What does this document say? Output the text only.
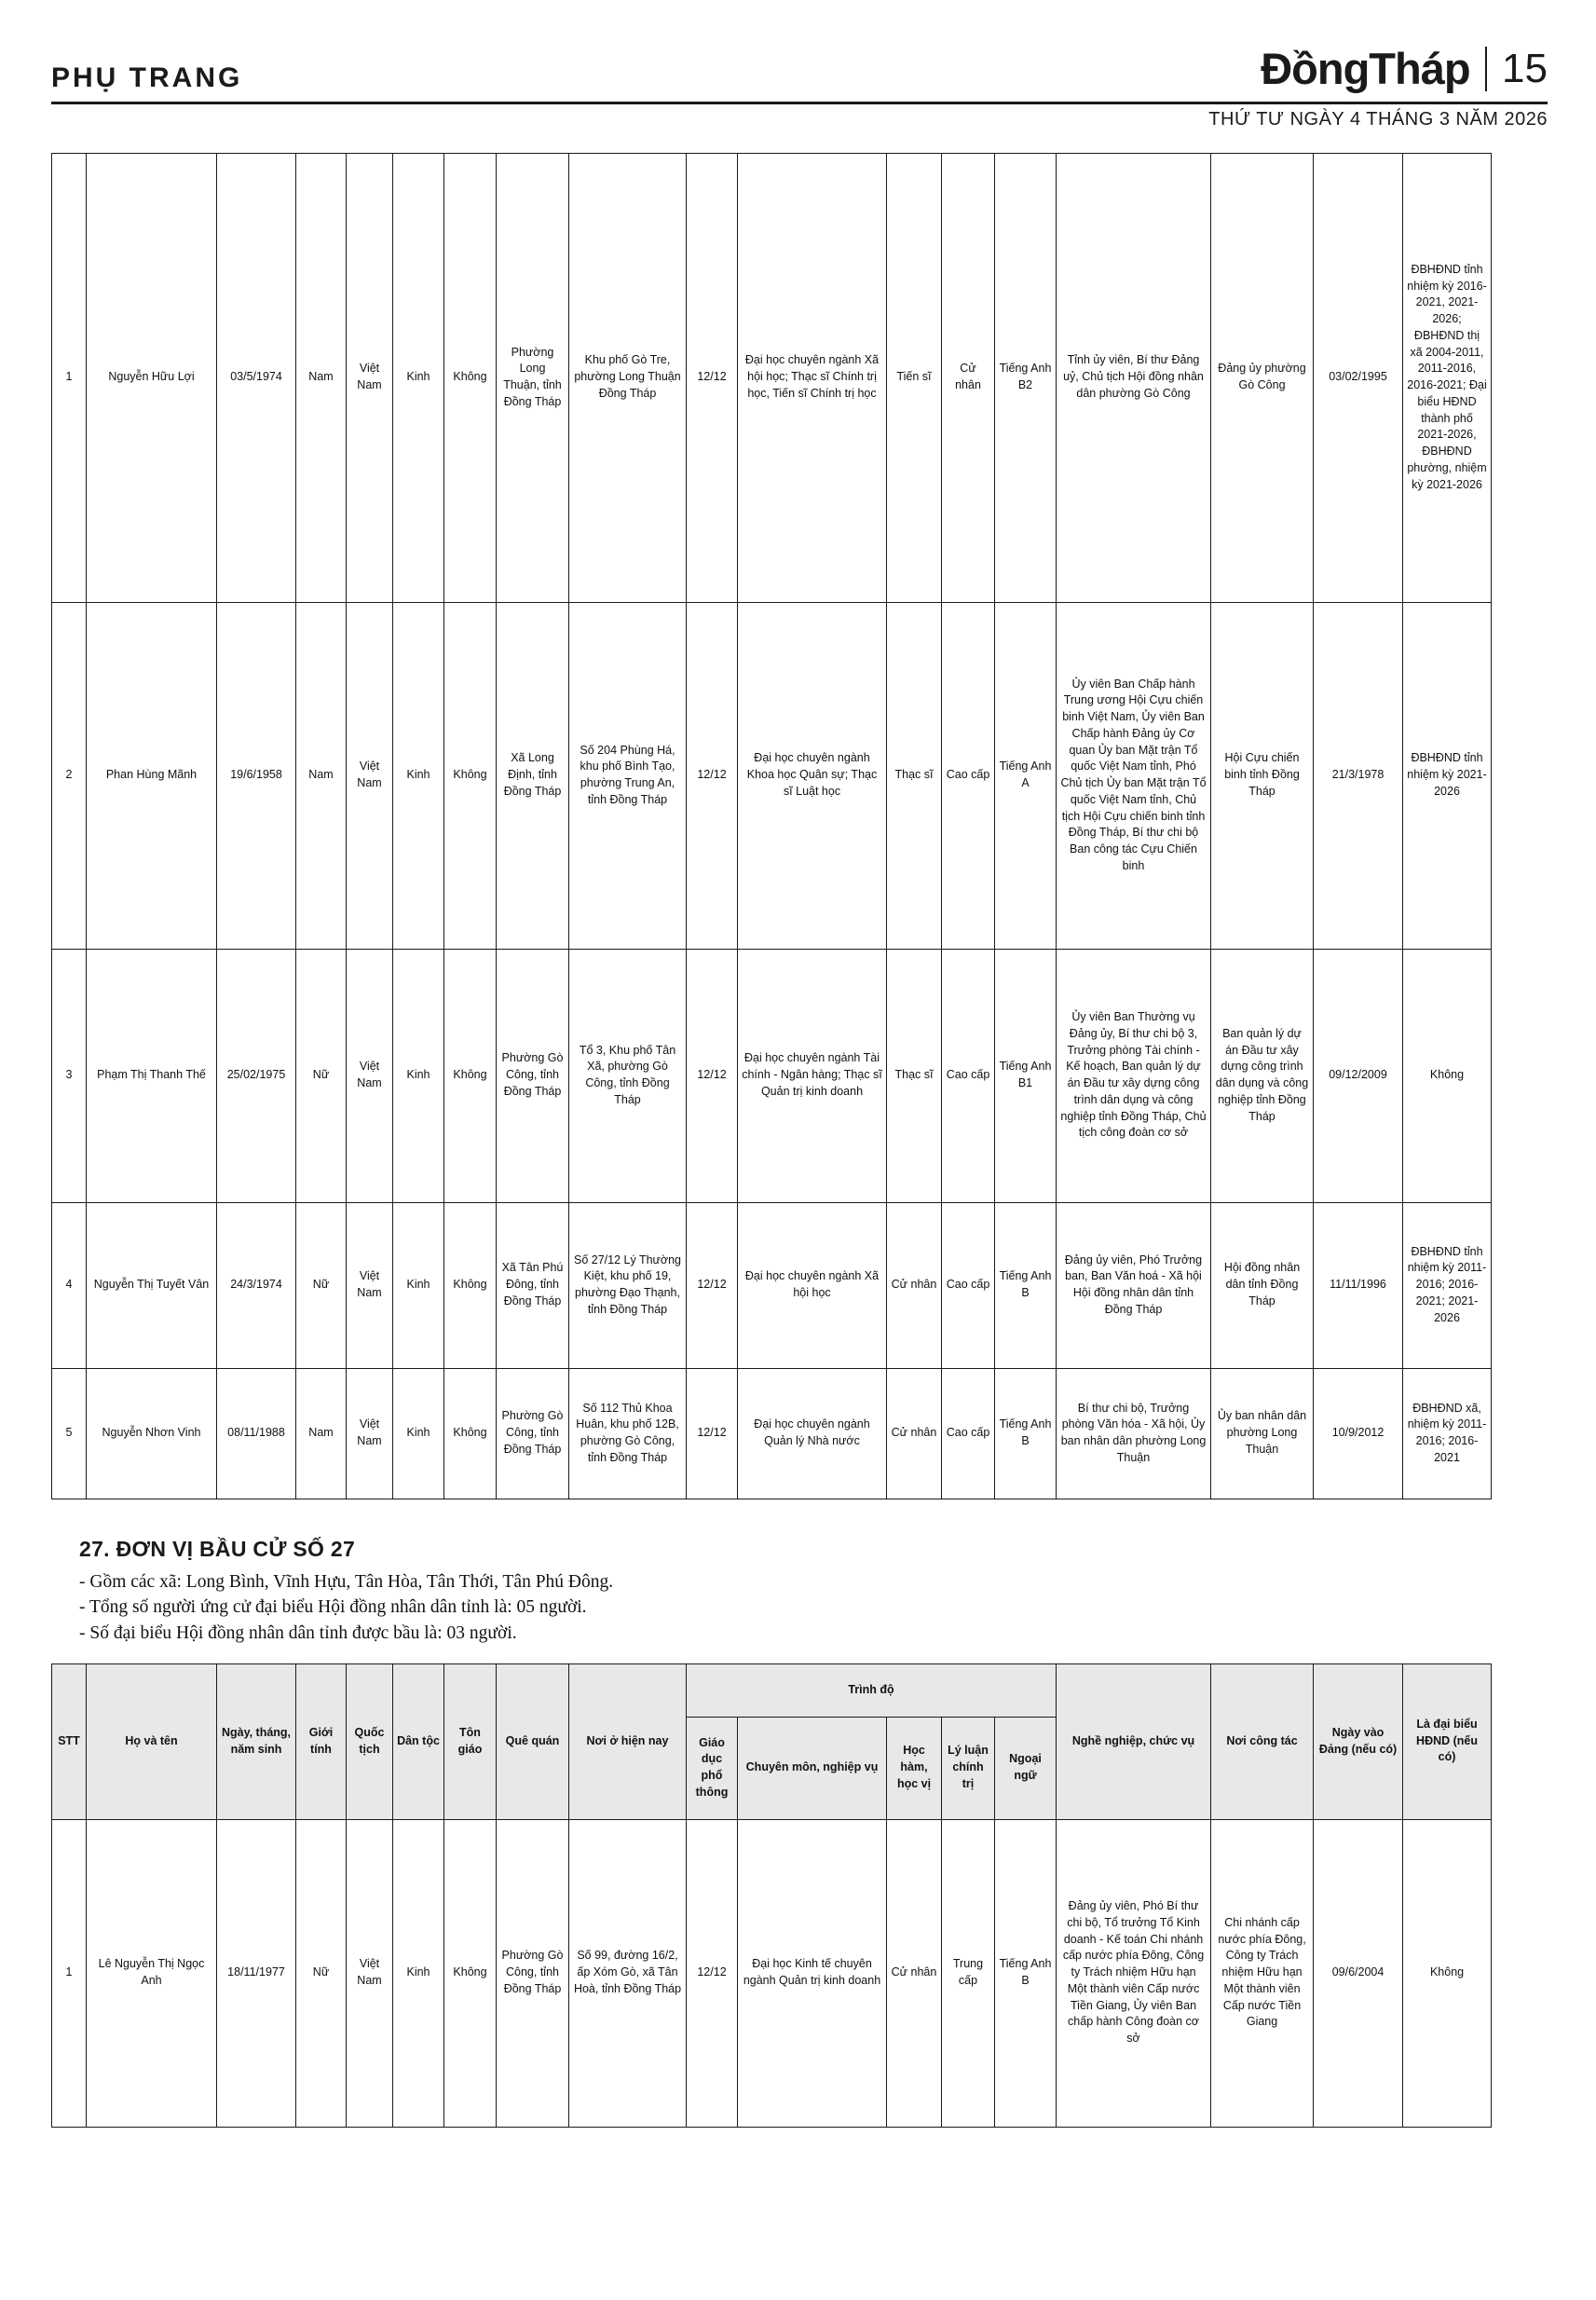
PHỤ TRANG	ĐồngTháp 15
THỨ TƯ NGÀY 4 THÁNG 3 NĂM 2026
1	Nguyễn Hữu Lợi	03/5/1974	Nam	Việt Nam	Kinh	Không	Phường Long Thuận, tỉnh Đồng Tháp	Khu phố Gò Tre, phường Long Thuận Đồng Tháp	12/12	Đại học chuyên ngành Xã hội học; Thạc sĩ Chính trị học, Tiến sĩ Chính trị học	Tiến sĩ	Cử nhân	Tiếng Anh B2	Tỉnh ủy viên, Bí thư Đảng uỷ, Chủ tịch Hội đồng nhân dân phường Gò Công	Đảng ủy phường Gò Công	03/02/1995	ĐBHĐND tỉnh nhiệm kỳ 2016-2021, 2021-2026; ĐBHĐND thị xã 2004-2011, 2011-2016, 2016-2021; Đại biểu HĐND thành phố 2021-2026, ĐBHĐND phường, nhiệm kỳ 2021-2026
2	Phan Hùng Mãnh	19/6/1958	Nam	Việt Nam	Kinh	Không	Xã Long Định, tỉnh Đồng Tháp	Số 204 Phùng Há, khu phố Bình Tạo, phường Trung An, tỉnh Đồng Tháp	12/12	Đại học chuyên ngành Khoa học Quân sự; Thạc sĩ Luật học	Thạc sĩ	Cao cấp	Tiếng Anh A	Ủy viên Ban Chấp hành Trung ương Hội Cựu chiến binh Việt Nam, Ủy viên Ban Chấp hành Đảng ủy Cơ quan Ủy ban Mặt trận Tổ quốc Việt Nam tỉnh, Phó Chủ tịch Ủy ban Mặt trận Tổ quốc Việt Nam tỉnh, Chủ tịch Hội Cựu chiến binh tỉnh Đồng Tháp, Bí thư chi bộ Ban công tác Cựu Chiến binh	Hội Cựu chiến binh tỉnh Đồng Tháp	21/3/1978	ĐBHĐND tỉnh nhiệm kỳ 2021-2026
3	Phạm Thị Thanh Thế	25/02/1975	Nữ	Việt Nam	Kinh	Không	Phường Gò Công, tỉnh Đồng Tháp	Tổ 3, Khu phố Tân Xã, phường Gò Công, tỉnh Đồng Tháp	12/12	Đại học chuyên ngành Tài chính - Ngân hàng; Thạc sĩ Quản trị kinh doanh	Thạc sĩ	Cao cấp	Tiếng Anh B1	Ủy viên Ban Thường vụ Đảng ủy, Bí thư chi bộ 3, Trưởng phòng Tài chính - Kế hoạch, Ban quản lý dự án Đầu tư xây dựng công trình dân dụng và công nghiệp tỉnh Đồng Tháp, Chủ tịch công đoàn cơ sở	Ban quản lý dự án Đầu tư xây dựng công trình dân dụng và công nghiệp tỉnh Đồng Tháp	09/12/2009	Không
4	Nguyễn Thị Tuyết Vân	24/3/1974	Nữ	Việt Nam	Kinh	Không	Xã Tân Phú Đông, tỉnh Đồng Tháp	Số 27/12 Lý Thường Kiệt, khu phố 19, phường Đạo Thạnh, tỉnh Đồng Tháp	12/12	Đại học chuyên ngành Xã hội học	Cử nhân	Cao cấp	Tiếng Anh B	Đảng ủy viên, Phó Trưởng ban, Ban Văn hoá - Xã hội Hội đồng nhân dân tỉnh Đồng Tháp	Hội đồng nhân dân tỉnh Đồng Tháp	11/11/1996	ĐBHĐND tỉnh nhiệm kỳ 2011-2016; 2016-2021; 2021-2026
5	Nguyễn Nhơn Vinh	08/11/1988	Nam	Việt Nam	Kinh	Không	Phường Gò Công, tỉnh Đồng Tháp	Số 112 Thủ Khoa Huân, khu phố 12B, phường Gò Công, tỉnh Đồng Tháp	12/12	Đại học chuyên ngành Quản lý Nhà nước	Cử nhân	Cao cấp	Tiếng Anh B	Bí thư chi bộ, Trưởng phòng Văn hóa - Xã hội, Ủy ban nhân dân phường Long Thuận	Ủy ban nhân dân phường Long Thuận	10/9/2012	ĐBHĐND xã, nhiệm kỳ 2011-2016; 2016-2021
27. ĐƠN VỊ BẦU CỬ SỐ 27
- Gồm các xã: Long Bình, Vĩnh Hựu, Tân Hòa, Tân Thới, Tân Phú Đông.
- Tổng số người ứng cử đại biểu Hội đồng nhân dân tỉnh là: 05 người.
- Số đại biểu Hội đồng nhân dân tỉnh được bầu là: 03 người.
STT	Họ và tên	Ngày, tháng, năm sinh	Giới tính	Quốc tịch	Dân tộc	Tôn giáo	Quê quán	Nơi ở hiện nay	Trình độ					Nghề nghiệp, chức vụ	Nơi công tác	Ngày vào Đảng (nếu có)	Là đại biểu HĐND (nếu có)
									Giáo dục phổ thông	Chuyên môn, nghiệp vụ	Học hàm, học vị	Lý luận chính trị	Ngoại ngữ				
1	Lê Nguyễn Thị Ngọc Anh	18/11/1977	Nữ	Việt Nam	Kinh	Không	Phường Gò Công, tỉnh Đồng Tháp	Số 99, đường 16/2, ấp Xóm Gò, xã Tân Hoà, tỉnh Đồng Tháp	12/12	Đại học Kinh tế chuyên ngành Quản trị kinh doanh	Cử nhân	Trung cấp	Tiếng Anh B	Đảng ủy viên, Phó Bí thư chi bộ, Tổ trưởng Tổ Kinh doanh - Kế toán Chi nhánh cấp nước phía Đông, Công ty Trách nhiệm Hữu hạn Một thành viên Cấp nước Tiền Giang, Ủy viên Ban chấp hành Công đoàn cơ sở	Chi nhánh cấp nước phía Đông, Công ty Trách nhiệm Hữu hạn Một thành viên Cấp nước Tiền Giang	09/6/2004	Không
